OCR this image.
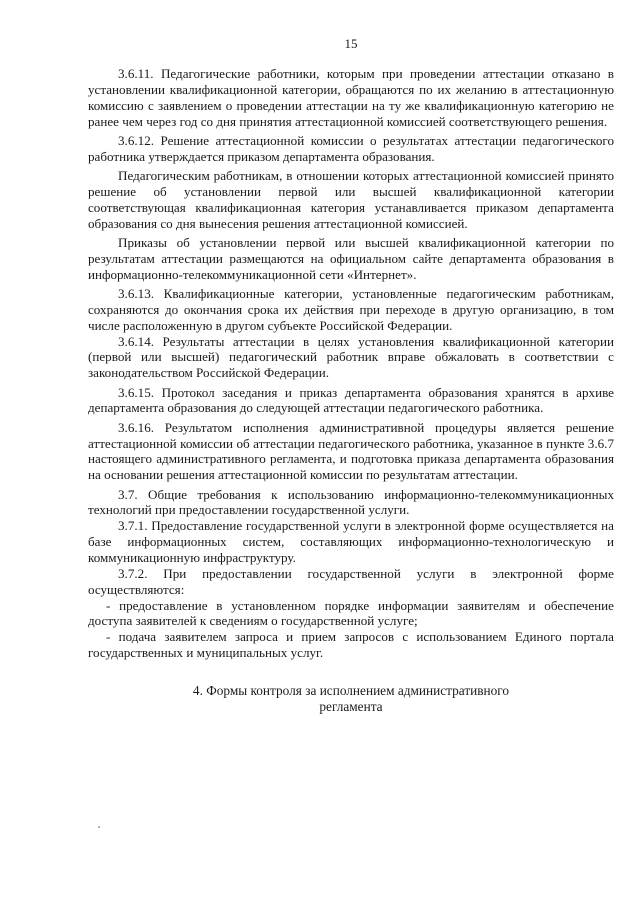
15

3.6.11. Педагогические работники, которым при проведении аттестации отказано в установлении квалификационной категории, обращаются по их желанию в аттестационную комиссию с заявлением о проведении аттестации на ту же квалификационную категорию не ранее чем через год со дня принятия аттестационной комиссией соответствующего решения.

3.6.12. Решение аттестационной комиссии о результатах аттестации педагогического работника утверждается приказом департамента образования.

Педагогическим работникам, в отношении которых аттестационной комиссией принято решение об установлении первой или высшей квалификационной категории соответствующая квалификационная категория устанавливается приказом департамента образования со дня вынесения решения аттестационной комиссией.

Приказы об установлении первой или высшей квалификационной категории по результатам аттестации размещаются на официальном сайте департамента образования в информационно-телекоммуникационной сети «Интернет».

3.6.13. Квалификационные категории, установленные педагогическим работникам, сохраняются до окончания срока их действия при переходе в другую организацию, в том числе расположенную в другом субъекте Российской Федерации.

3.6.14. Результаты аттестации в целях установления квалификационной категории (первой или высшей) педагогический работник вправе обжаловать в соответствии с законодательством Российской Федерации.

3.6.15. Протокол заседания и приказ департамента образования хранятся в архиве департамента образования до следующей аттестации педагогического работника.

3.6.16. Результатом исполнения административной процедуры является решение аттестационной комиссии об аттестации педагогического работника, указанное в пункте 3.6.7 настоящего административного регламента, и подготовка приказа департамента образования на основании решения аттестационной комиссии по результатам аттестации.

3.7. Общие требования к использованию информационно-телекоммуникационных технологий при предоставлении государственной услуги.

3.7.1. Предоставление государственной услуги в электронной форме осуществляется на базе информационных систем, составляющих информационно-технологическую и коммуникационную инфраструктуру.

3.7.2. При предоставлении государственной услуги в электронной форме осуществляются:

- предоставление в установленном порядке информации заявителям и обеспечение доступа заявителей к сведениям о государственной услуге;

- подача заявителем запроса и прием запросов с использованием Единого портала государственных и муниципальных услуг.

4. Формы контроля за исполнением административного
регламента
